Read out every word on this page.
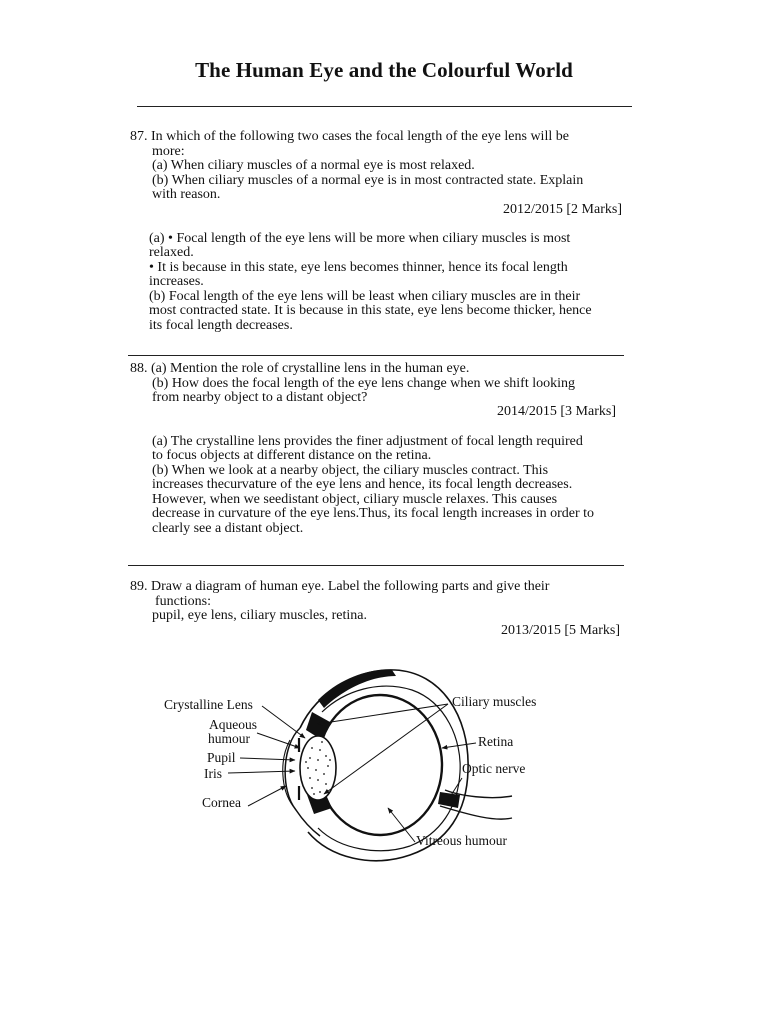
The Human Eye and the Colourful World
87. In which of the following two cases the focal length of the eye lens will be
more:
(a) When ciliary muscles of a normal eye is most relaxed.
(b) When ciliary muscles of a normal eye is in most contracted state. Explain
with reason.
2012/2015 [2 Marks]
(a) • Focal length of the eye lens will be more when ciliary muscles is most
relaxed.
• It is because in this state, eye lens becomes thinner, hence its focal length
increases.
(b) Focal length of the eye lens will be least when ciliary muscles are in their
most contracted state. It is because in this state, eye lens become thicker, hence
its focal length decreases.
88. (a) Mention the role of crystalline lens in the human eye.
(b) How does the focal length of the eye lens change when we shift looking
from nearby object to a distant object?
2014/2015 [3 Marks]
(a) The crystalline lens provides the finer adjustment of focal length required
to focus objects at different distance on the retina.
(b) When we look at a nearby object, the ciliary muscles contract. This
increases thecurvature of the eye lens and hence, its focal length decreases.
However, when we seedistant object, ciliary muscle relaxes. This causes
decrease in curvature of the eye lens.Thus, its focal length increases in order to
clearly see a distant object.
89. Draw a diagram of human eye. Label the following parts and give their
functions:
pupil, eye lens, ciliary muscles, retina.
2013/2015 [5 Marks]
Crystalline Lens
Aqueous
humour
Pupil
Iris
Cornea
Ciliary muscles
Retina
Optic nerve
Vitreous humour
